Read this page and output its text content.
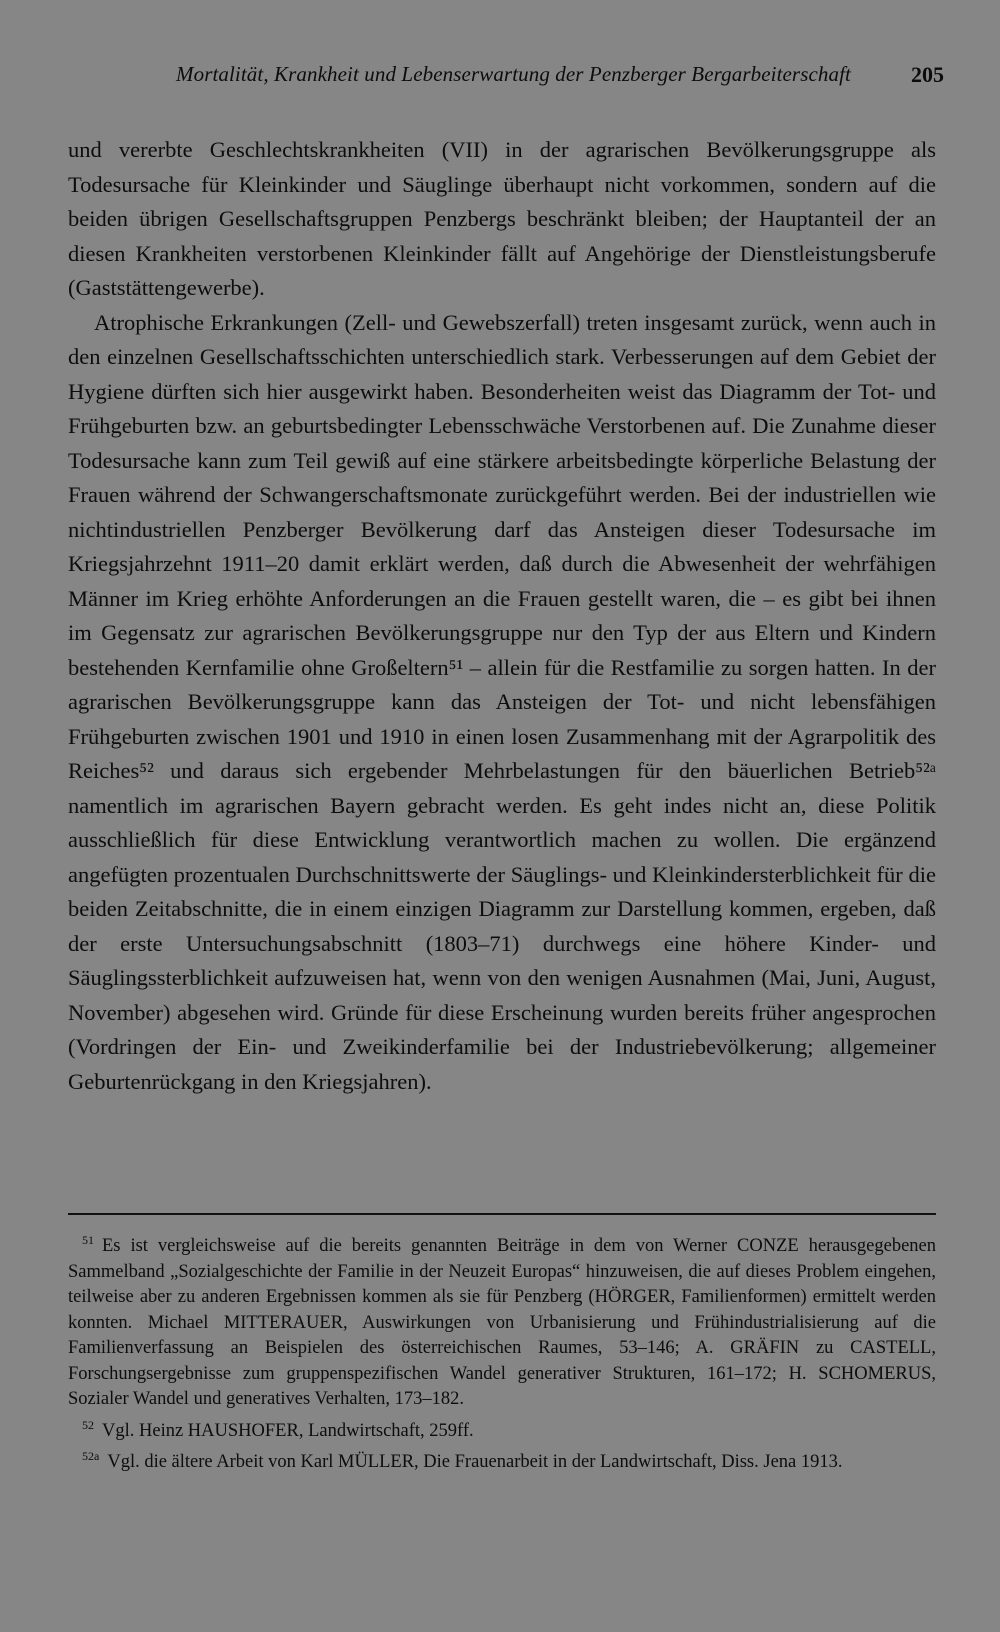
Mortalität, Krankheit und Lebenserwartung der Penzberger Bergarbeiterschaft	205

und vererbte Geschlechtskrankheiten (VII) in der agrarischen Bevölkerungsgruppe als Todesursache für Kleinkinder und Säuglinge überhaupt nicht vorkommen, sondern auf die beiden übrigen Gesellschaftsgruppen Penzbergs beschränkt bleiben; der Hauptanteil der an diesen Krankheiten verstorbenen Kleinkinder fällt auf Angehörige der Dienstleistungsberufe (Gaststättengewerbe).

Atrophische Erkrankungen (Zell- und Gewebszerfall) treten insgesamt zurück, wenn auch in den einzelnen Gesellschaftsschichten unterschiedlich stark. Verbesserungen auf dem Gebiet der Hygiene dürften sich hier ausgewirkt haben. Besonderheiten weist das Diagramm der Tot- und Frühgeburten bzw. an geburtsbedingter Lebensschwäche Verstorbenen auf. Die Zunahme dieser Todesursache kann zum Teil gewiß auf eine stärkere arbeitsbedingte körperliche Belastung der Frauen während der Schwangerschaftsmonate zurückgeführt werden. Bei der industriellen wie nichtindustriellen Penzberger Bevölkerung darf das Ansteigen dieser Todesursache im Kriegsjahrzehnt 1911–20 damit erklärt werden, daß durch die Abwesenheit der wehrfähigen Männer im Krieg erhöhte Anforderungen an die Frauen gestellt waren, die – es gibt bei ihnen im Gegensatz zur agrarischen Bevölkerungsgruppe nur den Typ der aus Eltern und Kindern bestehenden Kernfamilie ohne Großeltern⁵¹ – allein für die Restfamilie zu sorgen hatten. In der agrarischen Bevölkerungsgruppe kann das Ansteigen der Tot- und nicht lebensfähigen Frühgeburten zwischen 1901 und 1910 in einen losen Zusammenhang mit der Agrarpolitik des Reiches⁵² und daraus sich ergebender Mehrbelastungen für den bäuerlichen Betrieb⁵²ᵃ namentlich im agrarischen Bayern gebracht werden. Es geht indes nicht an, diese Politik ausschließlich für diese Entwicklung verantwortlich machen zu wollen. Die ergänzend angefügten prozentualen Durchschnittswerte der Säuglings- und Kleinkindersterblichkeit für die beiden Zeitabschnitte, die in einem einzigen Diagramm zur Darstellung kommen, ergeben, daß der erste Untersuchungsabschnitt (1803–71) durchwegs eine höhere Kinder- und Säuglingssterblichkeit aufzuweisen hat, wenn von den wenigen Ausnahmen (Mai, Juni, August, November) abgesehen wird. Gründe für diese Erscheinung wurden bereits früher angesprochen (Vordringen der Ein- und Zweikinderfamilie bei der Industriebevölkerung; allgemeiner Geburtenrückgang in den Kriegsjahren).

$^{51}$ Es ist vergleichsweise auf die bereits genannten Beiträge in dem von Werner CONZE herausgegebenen Sammelband „Sozialgeschichte der Familie in der Neuzeit Europas“ hinzuweisen, die auf dieses Problem eingehen, teilweise aber zu anderen Ergebnissen kommen als sie für Penzberg (HÖRGER, Familienformen) ermittelt werden konnten. Michael MITTERAUER, Auswirkungen von Urbanisierung und Frühindustrialisierung auf die Familienverfassung an Beispielen des österreichischen Raumes, 53–146; A. GRÄFIN zu CASTELL, Forschungsergebnisse zum gruppenspezifischen Wandel generativer Strukturen, 161–172; H. SCHOMERUS, Sozialer Wandel und generatives Verhalten, 173–182.

$^{52}$ Vgl. Heinz HAUSHOFER, Landwirtschaft, 259ff.

$^{52a}$ Vgl. die ältere Arbeit von Karl MÜLLER, Die Frauenarbeit in der Landwirtschaft, Diss. Jena 1913.
